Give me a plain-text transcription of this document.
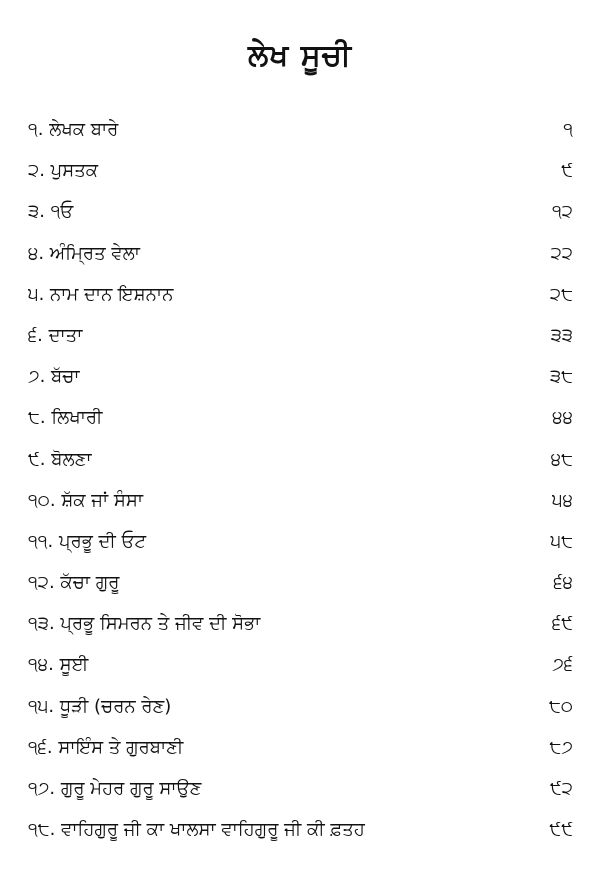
ਲੇਖ ਸੂਚੀ
੧. ਲੇਖਕ ਬਾਰੇ	੧
੨. ਪੁਸਤਕ	੯
੩. ੧ਓ	੧੨
੪. ਅੰਮ੍ਰਿਤ ਵੇਲਾ	੨੨
੫. ਨਾਮ ਦਾਨ ਇਸ਼ਨਾਨ	੨੮
੬. ਦਾਤਾ	੩੩
੭. ਬੱਚਾ	੩੮
੮. ਲਿਖਾਰੀ	੪੪
੯. ਬੋਲਣਾ	੪੮
੧੦. ਸ਼ੱਕ ਜਾਂ ਸੰਸਾ	੫੪
੧੧. ਪ੍ਰਭੂ ਦੀ ਓਟ	੫੮
੧੨. ਕੱਚਾ ਗੁਰੂ	੬੪
੧੩. ਪ੍ਰਭੂ ਸਿਮਰਨ ਤੇ ਜੀਵ ਦੀ ਸੋਭਾ	੬੯
੧੪. ਸੂਈ	੭੬
੧੫. ਧੂੜੀ (ਚਰਨ ਰੇਣ)	੮੦
੧੬. ਸਾਇੰਸ ਤੇ ਗੁਰਬਾਣੀ	੮੭
੧੭. ਗੁਰੂ ਮੇਹਰ ਗੁਰੂ ਸਾਉਣ	੯੨
੧੮. ਵਾਹਿਗੁਰੂ ਜੀ ਕਾ ਖਾਲਸਾ ਵਾਹਿਗੁਰੂ ਜੀ ਕੀ ਫ਼ਤਹ	੯੯
